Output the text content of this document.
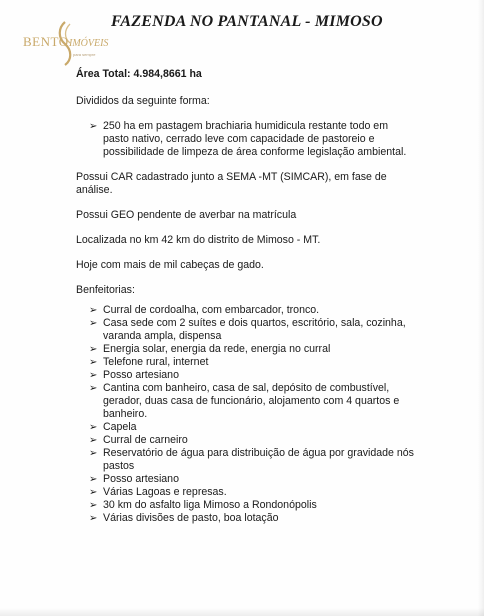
BENTO IMÓVEIS
para sempre
FAZENDA NO PANTANAL - MIMOSO

Área Total: 4.984,8661 ha

Divididos da seguinte forma:

➢ 250 ha em pastagem brachiaria humidicula restante todo em pasto nativo, cerrado leve com capacidade de pastoreio e possibilidade de limpeza de área conforme legislação ambiental.

Possui CAR cadastrado junto a SEMA -MT (SIMCAR), em fase de análise.

Possui GEO pendente de averbar na matrícula

Localizada no km 42 km do distrito de Mimoso - MT.

Hoje com mais de mil cabeças de gado.

Benfeitorias:

➢ Curral de cordoalha, com embarcador, tronco.
➢ Casa sede com 2 suítes e dois quartos, escritório, sala, cozinha, varanda ampla, dispensa
➢ Energia solar, energia da rede, energia no curral
➢ Telefone rural, internet
➢ Posso artesiano
➢ Cantina com banheiro, casa de sal, depósito de combustível, gerador, duas casa de funcionário, alojamento com 4 quartos e banheiro.
➢ Capela
➢ Curral de carneiro
➢ Reservatório de água para distribuição de água por gravidade nós pastos
➢ Posso artesiano
➢ Várias Lagoas e represas.
➢ 30 km do asfalto liga Mimoso a Rondonópolis
➢ Várias divisões de pasto, boa lotação
